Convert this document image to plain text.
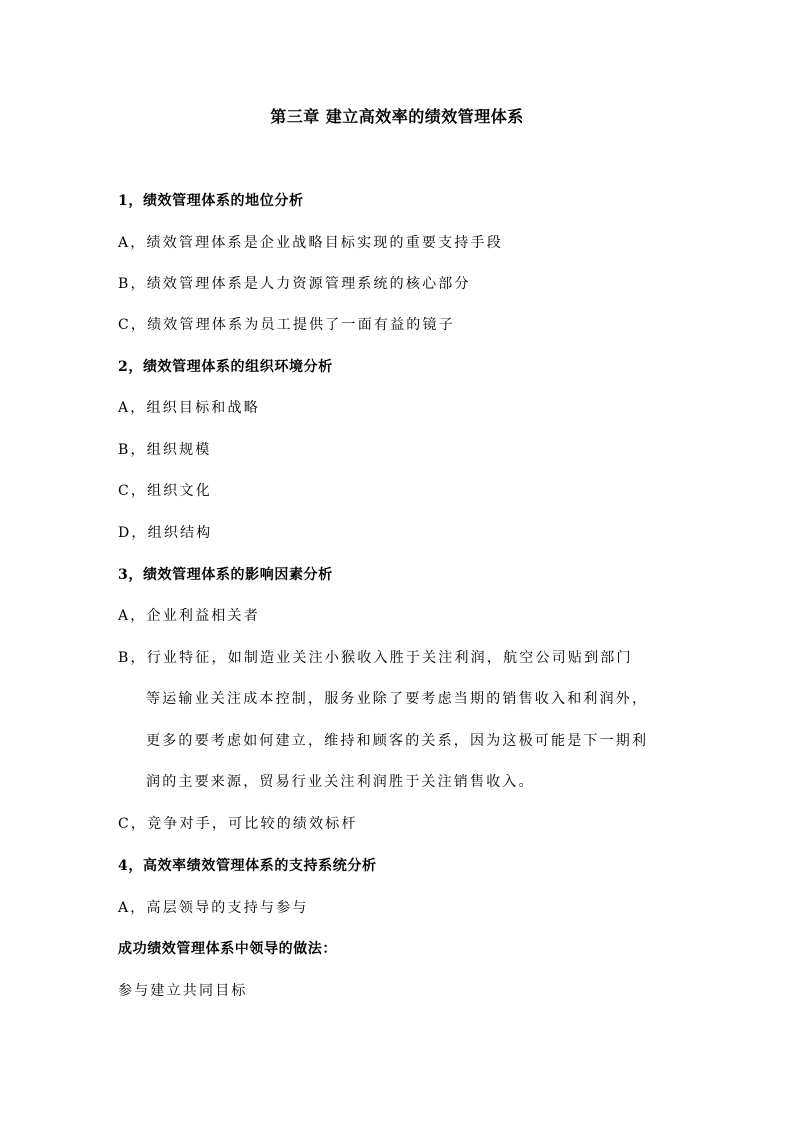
第三章 建立高效率的绩效管理体系
1，绩效管理体系的地位分析
A，绩效管理体系是企业战略目标实现的重要支持手段
B，绩效管理体系是人力资源管理系统的核心部分
C，绩效管理体系为员工提供了一面有益的镜子
2，绩效管理体系的组织环境分析
A，组织目标和战略
B，组织规模
C，组织文化
D，组织结构
3，绩效管理体系的影响因素分析
A，企业利益相关者
B，行业特征，如制造业关注小猴收入胜于关注利润，航空公司贴到部门
等运输业关注成本控制，服务业除了要考虑当期的销售收入和利润外，
更多的要考虑如何建立，维持和顾客的关系，因为这极可能是下一期利
润的主要来源，贸易行业关注利润胜于关注销售收入。
C，竞争对手，可比较的绩效标杆
4，高效率绩效管理体系的支持系统分析
A，高层领导的支持与参与
成功绩效管理体系中领导的做法：
参与建立共同目标
